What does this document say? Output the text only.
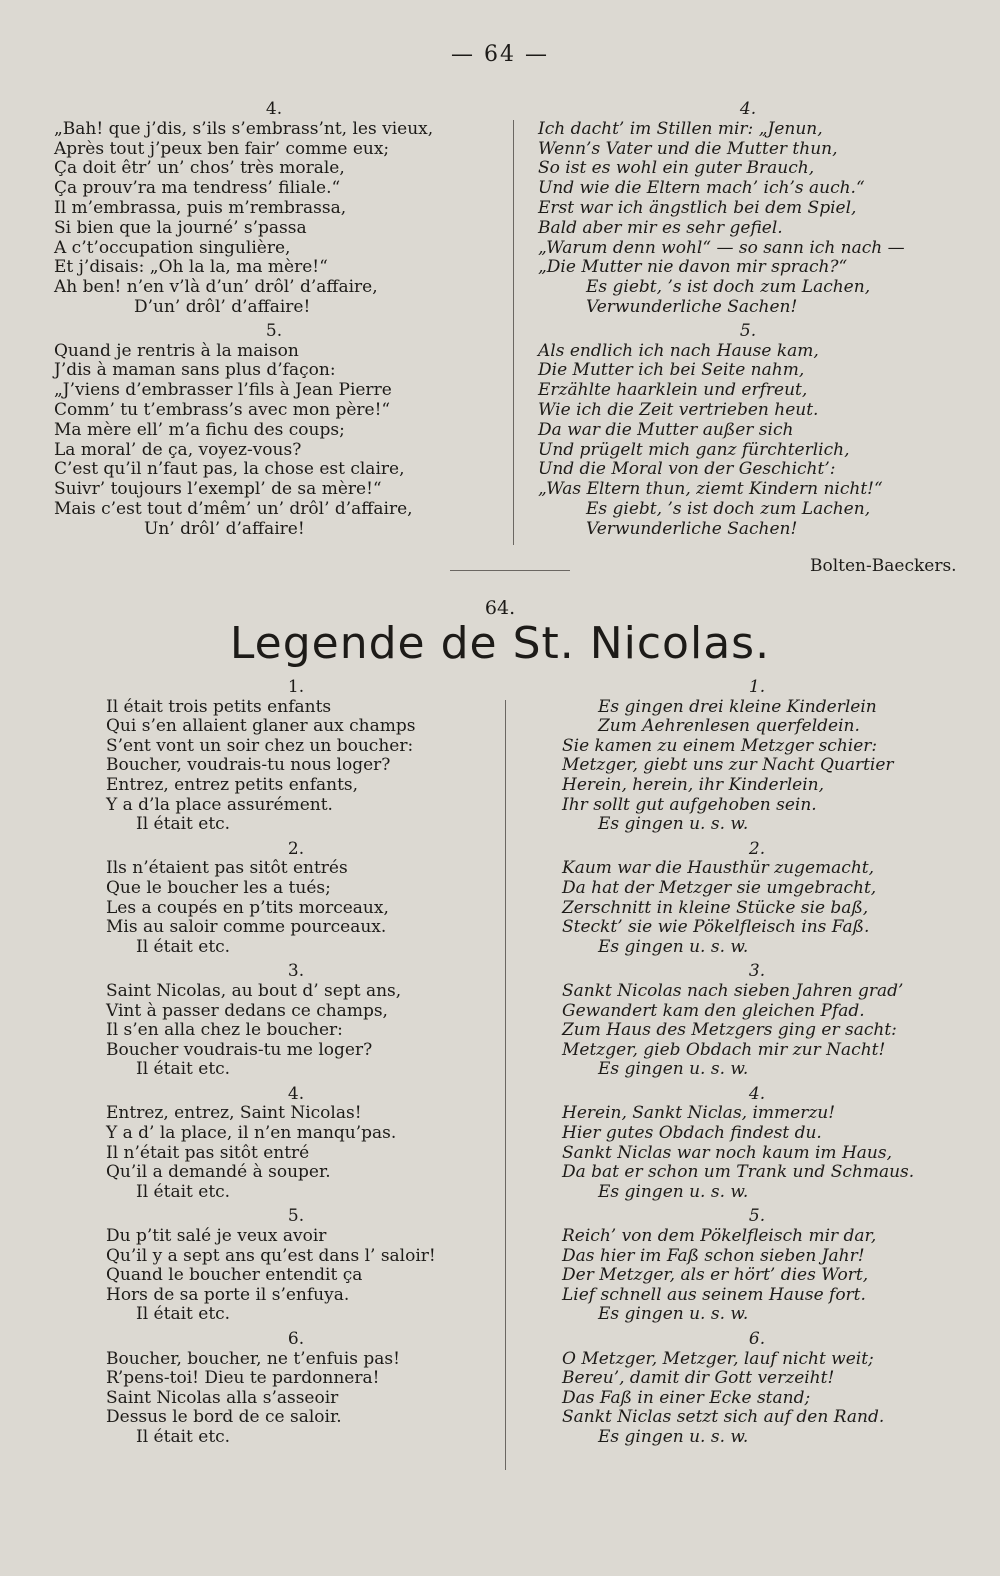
— 64 —
4.
„Bah! que j’dis, s’ils s’embrass’nt, les vieux,
Après tout j’peux ben fair’ comme eux;
Ça doit êtr’ un’ chos’ très morale,
Ça prouv’ra ma tendress’ filiale.“
Il m’embrassa, puis m’rembrassa,
Si bien que la journé’ s’passa
A c’t’occupation singulière,
Et j’disais: „Oh la la, ma mère!“
Ah ben! n’en v’là d’un’ drôl’ d’affaire,
D’un’ drôl’ d’affaire!
5.
Quand je rentris à la maison
J’dis à maman sans plus d’façon:
„J’viens d’embrasser l’fils à Jean Pierre
Comm’ tu t’embrass’s avec mon père!“
Ma mère ell’ m’a fichu des coups;
La moral’ de ça, voyez-vous?
C’est qu’il n’faut pas, la chose est claire,
Suivr’ toujours l’exempl’ de sa mère!“
Mais c’est tout d’mêm’ un’ drôl’ d’affaire,
Un’ drôl’ d’affaire!
4.
Ich dacht’ im Stillen mir: „Jenun,
Wenn’s Vater und die Mutter thun,
So ist es wohl ein guter Brauch,
Und wie die Eltern mach’ ich’s auch.“
Erst war ich ängstlich bei dem Spiel,
Bald aber mir es sehr gefiel.
„Warum denn wohl“ — so sann ich nach —
„Die Mutter nie davon mir sprach?“
Es giebt, ’s ist doch zum Lachen,
Verwunderliche Sachen!
5.
Als endlich ich nach Hause kam,
Die Mutter ich bei Seite nahm,
Erzählte haarklein und erfreut,
Wie ich die Zeit vertrieben heut.
Da war die Mutter außer sich
Und prügelt mich ganz fürchterlich,
Und die Moral von der Geschicht’:
„Was Eltern thun, ziemt Kindern nicht!“
Es giebt, ’s ist doch zum Lachen,
Verwunderliche Sachen!
Bolten-Baeckers.
64.
Legende de St. Nicolas.
1.
Il était trois petits enfants
Qui s’en allaient glaner aux champs
S’ent vont un soir chez un boucher:
Boucher, voudrais-tu nous loger?
Entrez, entrez petits enfants,
Y a d’la place assurément.
Il était etc.
2.
Ils n’étaient pas sitôt entrés
Que le boucher les a tués;
Les a coupés en p’tits morceaux,
Mis au saloir comme pourceaux.
Il était etc.
3.
Saint Nicolas, au bout d’ sept ans,
Vint à passer dedans ce champs,
Il s’en alla chez le boucher:
Boucher voudrais-tu me loger?
Il était etc.
4.
Entrez, entrez, Saint Nicolas!
Y a d’ la place, il n’en manqu’pas.
Il n’était pas sitôt entré
Qu’il a demandé à souper.
Il était etc.
5.
Du p’tit salé je veux avoir
Qu’il y a sept ans qu’est dans l’ saloir!
Quand le boucher entendit ça
Hors de sa porte il s’enfuya.
Il était etc.
6.
Boucher, boucher, ne t’enfuis pas!
R’pens-toi! Dieu te pardonnera!
Saint Nicolas alla s’asseoir
Dessus le bord de ce saloir.
Il était etc.
1.
Es gingen drei kleine Kinderlein
Zum Aehrenlesen querfeldein.
Sie kamen zu einem Metzger schier:
Metzger, giebt uns zur Nacht Quartier
Herein, herein, ihr Kinderlein,
Ihr sollt gut aufgehoben sein.
Es gingen u. s. w.
2.
Kaum war die Hausthür zugemacht,
Da hat der Metzger sie umgebracht,
Zerschnitt in kleine Stücke sie baß,
Steckt’ sie wie Pökelfleisch ins Faß.
Es gingen u. s. w.
3.
Sankt Nicolas nach sieben Jahren grad’
Gewandert kam den gleichen Pfad.
Zum Haus des Metzgers ging er sacht:
Metzger, gieb Obdach mir zur Nacht!
Es gingen u. s. w.
4.
Herein, Sankt Niclas, immerzu!
Hier gutes Obdach findest du.
Sankt Niclas war noch kaum im Haus,
Da bat er schon um Trank und Schmaus.
Es gingen u. s. w.
5.
Reich’ von dem Pökelfleisch mir dar,
Das hier im Faß schon sieben Jahr!
Der Metzger, als er hört’ dies Wort,
Lief schnell aus seinem Hause fort.
Es gingen u. s. w.
6.
O Metzger, Metzger, lauf nicht weit;
Bereu’, damit dir Gott verzeiht!
Das Faß in einer Ecke stand;
Sankt Niclas setzt sich auf den Rand.
Es gingen u. s. w.
